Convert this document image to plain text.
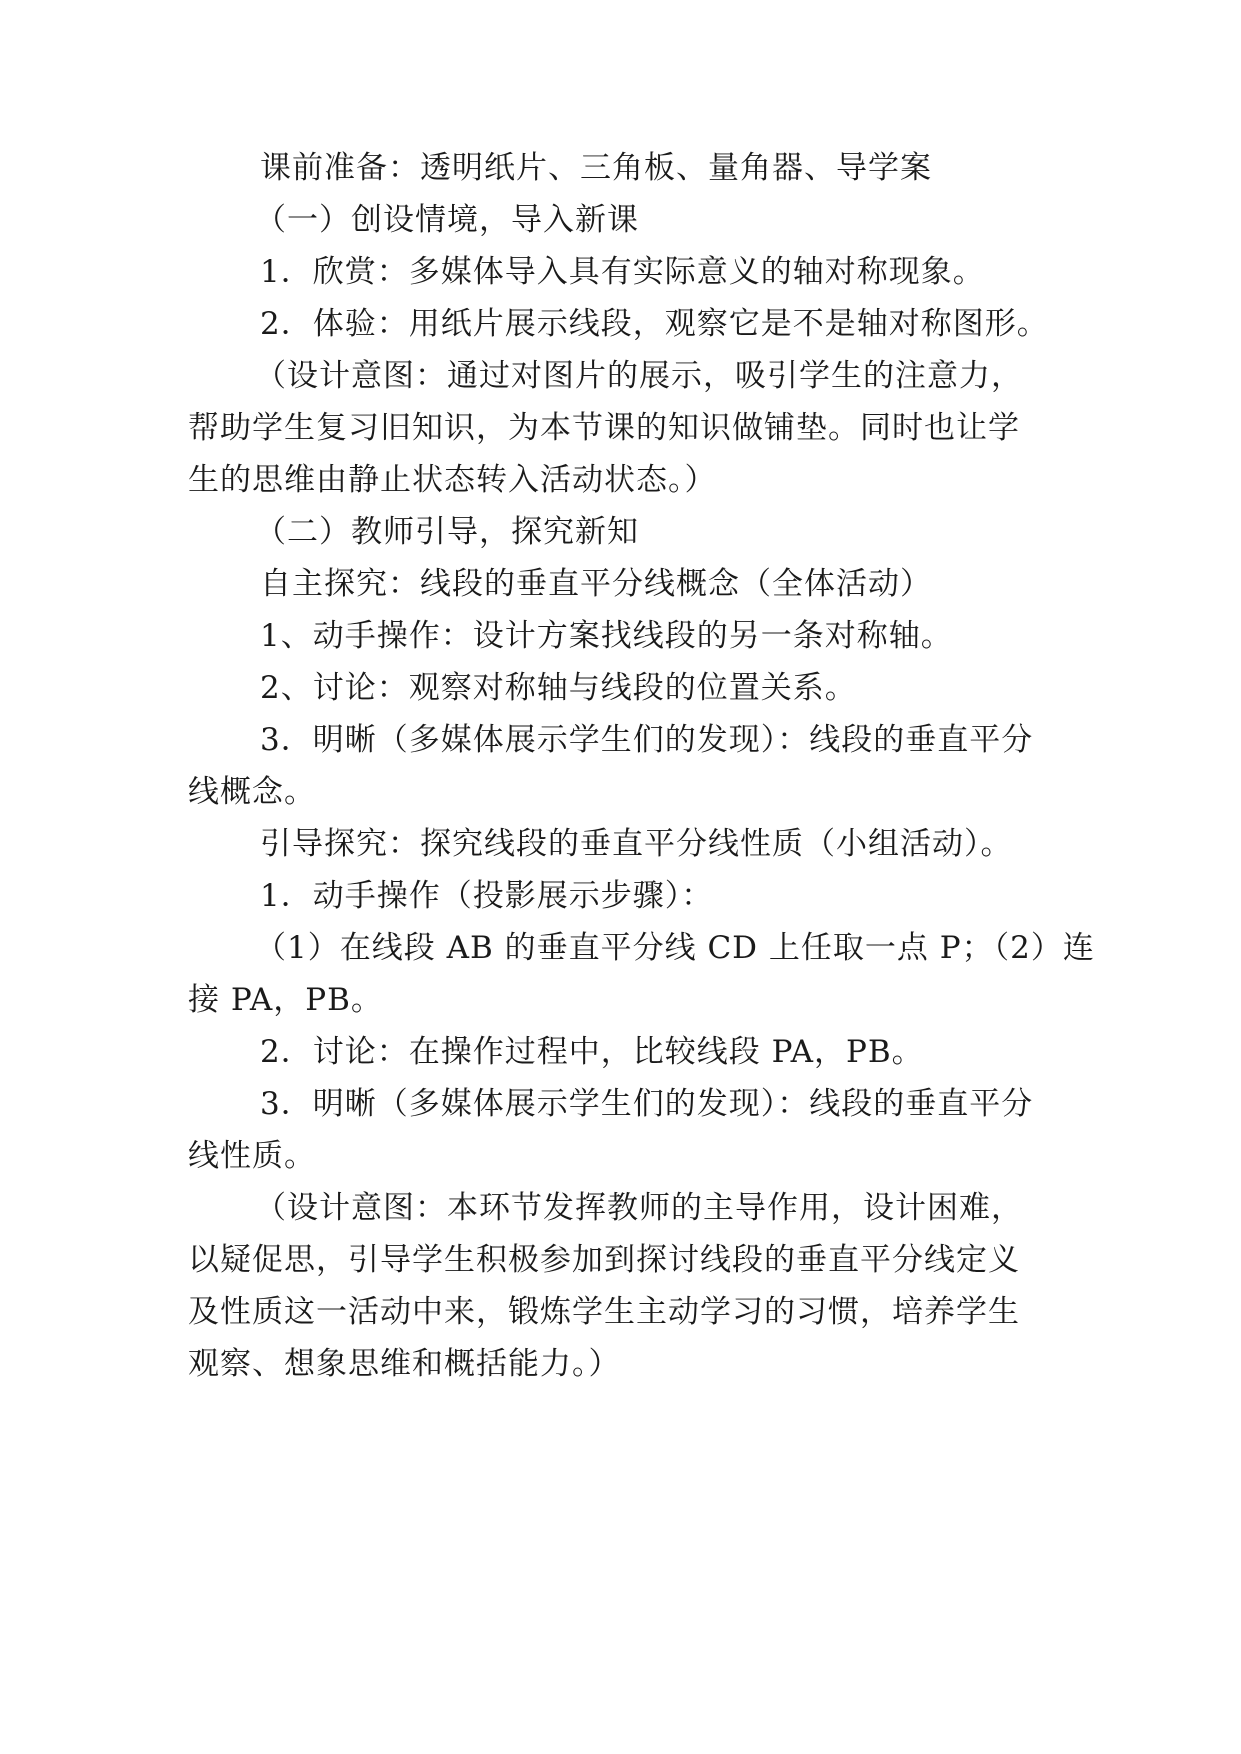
课前准备：透明纸片、三角板、量角器、导学案
（一）创设情境，导入新课
1．欣赏：多媒体导入具有实际意义的轴对称现象。
2．体验：用纸片展示线段，观察它是不是轴对称图形。
（设计意图：通过对图片的展示，吸引学生的注意力，
帮助学生复习旧知识，为本节课的知识做铺垫。同时也让学
生的思维由静止状态转入活动状态。）
（二）教师引导，探究新知
自主探究：线段的垂直平分线概念（全体活动）
1、动手操作：设计方案找线段的另一条对称轴。
2、讨论：观察对称轴与线段的位置关系。
3．明晰（多媒体展示学生们的发现）：线段的垂直平分
线概念。
引导探究：探究线段的垂直平分线性质（小组活动）。
1．动手操作（投影展示步骤）：
（1）在线段 AB 的垂直平分线 CD 上任取一点 P；（2）连
接 PA，PB。
2．讨论：在操作过程中，比较线段 PA，PB。
3．明晰（多媒体展示学生们的发现）：线段的垂直平分
线性质。
（设计意图：本环节发挥教师的主导作用，设计困难，
以疑促思，引导学生积极参加到探讨线段的垂直平分线定义
及性质这一活动中来，锻炼学生主动学习的习惯，培养学生
观察、想象思维和概括能力。）
